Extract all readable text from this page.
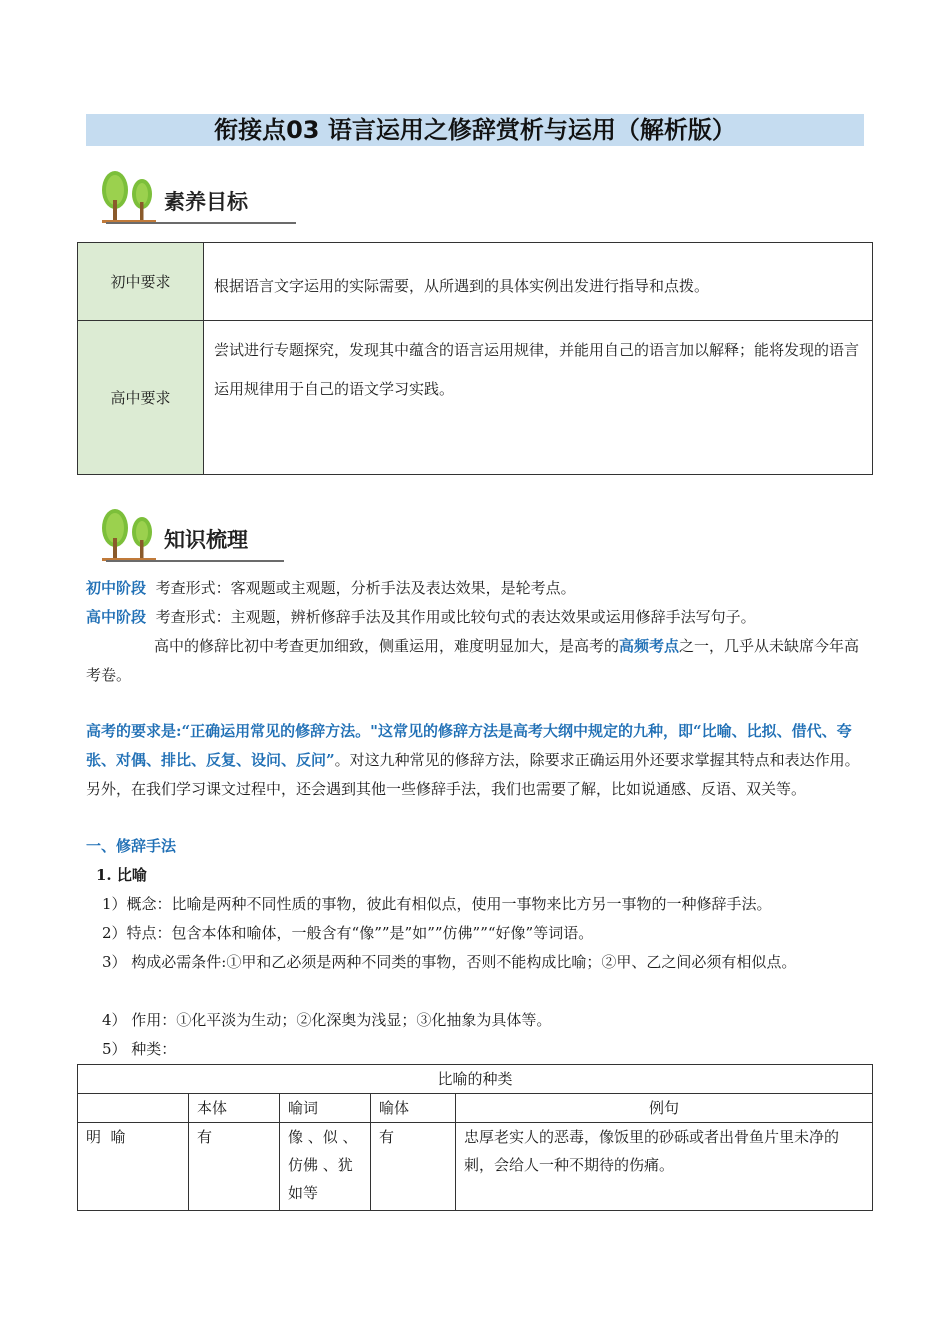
衔接点03 语言运用之修辞赏析与运用（解析版）
素养目标
初中要求	根据语言文字运用的实际需要，从所遇到的具体实例出发进行指导和点拨。
高中要求	尝试进行专题探究，发现其中蕴含的语言运用规律，并能用自己的语言加以解释；能将发现的语言运用规律用于自己的语文学习实践。
知识梳理

初中阶段 考查形式：客观题或主观题，分析手法及表达效果，是轮考点。

高中阶段 考查形式：主观题，辨析修辞手法及其作用或比较句式的表达效果或运用修辞手法写句子。

高中的修辞比初中考查更加细致，侧重运用，难度明显加大，是高考的高频考点之一，几乎从未缺席今年高考卷。

高考的要求是:“正确运用常见的修辞方法。"这常见的修辞方法是高考大纲中规定的九种，即“比喻、比拟、借代、夸张、对偶、排比、反复、设问、反问”。对这九种常见的修辞方法，除要求正确运用外还要求掌握其特点和表达作用。另外，在我们学习课文过程中，还会遇到其他一些修辞手法，我们也需要了解，比如说通感、反语、双关等。

一、修辞手法

1. 比喻

1）概念：比喻是两种不同性质的事物，彼此有相似点，使用一事物来比方另一事物的一种修辞手法。

2）特点：包含本体和喻体，一般含有“像””是”如””仿佛””“好像”等词语。

3） 构成必需条件:①甲和乙必须是两种不同类的事物，否则不能构成比喻；②甲、乙之间必须有相似点。

4） 作用：①化平淡为生动；②化深奥为浅显；③化抽象为具体等。

5） 种类：

比喻的种类				
	本体	喻词	喻体	例句
明  喻	有	像 、似 、仿佛 、犹如等	有	忠厚老实人的恶毒，像饭里的砂砾或者出骨鱼片里未净的刺，会给人一种不期待的伤痛。
